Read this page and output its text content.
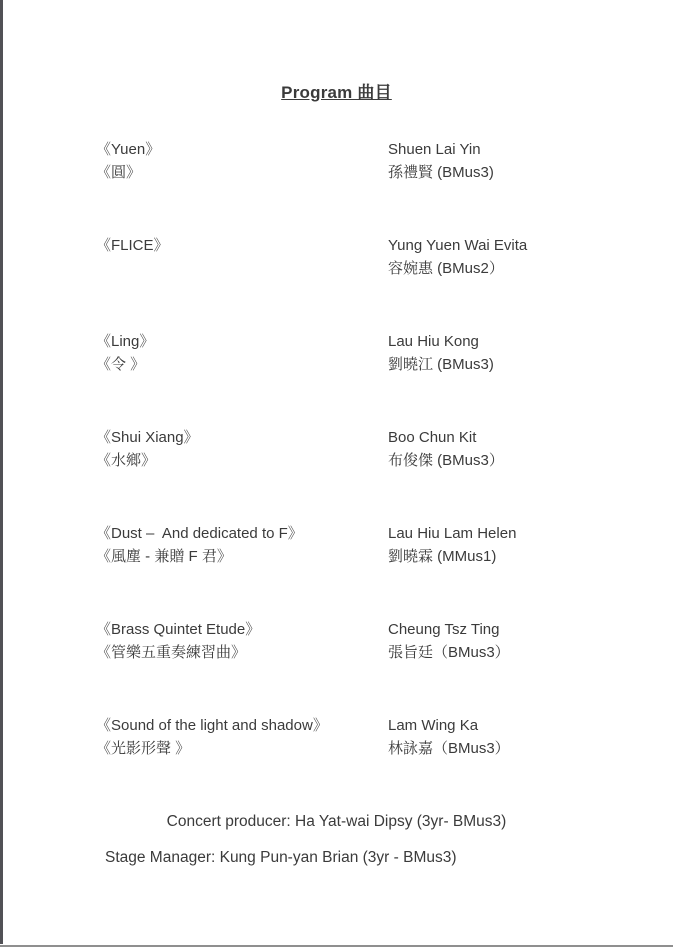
Program 曲目
《Yuen》
《圓》
Shuen Lai Yin
孫禮賢 (BMus3)
《FLICE》	Yung Yuen Wai Evita
容婉惠 (BMus2）
《Ling》
《令 》
Lau Hiu Kong
劉曉江 (BMus3)
《Shui Xiang》
《水鄉》
Boo Chun Kit
布俊傑 (BMus3）
《Dust –  And dedicated to F》
《風塵 - 兼贈 F 君》
Lau Hiu Lam Helen
劉曉霖 (MMus1)
《Brass Quintet Etude》
《管樂五重奏練習曲》
Cheung Tsz Ting
張旨廷（BMus3）
《Sound of the light and shadow》
《光影形聲 》
Lam Wing Ka
林詠嘉（BMus3）
Concert producer: Ha Yat-wai Dipsy (3yr- BMus3)
Stage Manager: Kung Pun-yan Brian (3yr - BMus3)
